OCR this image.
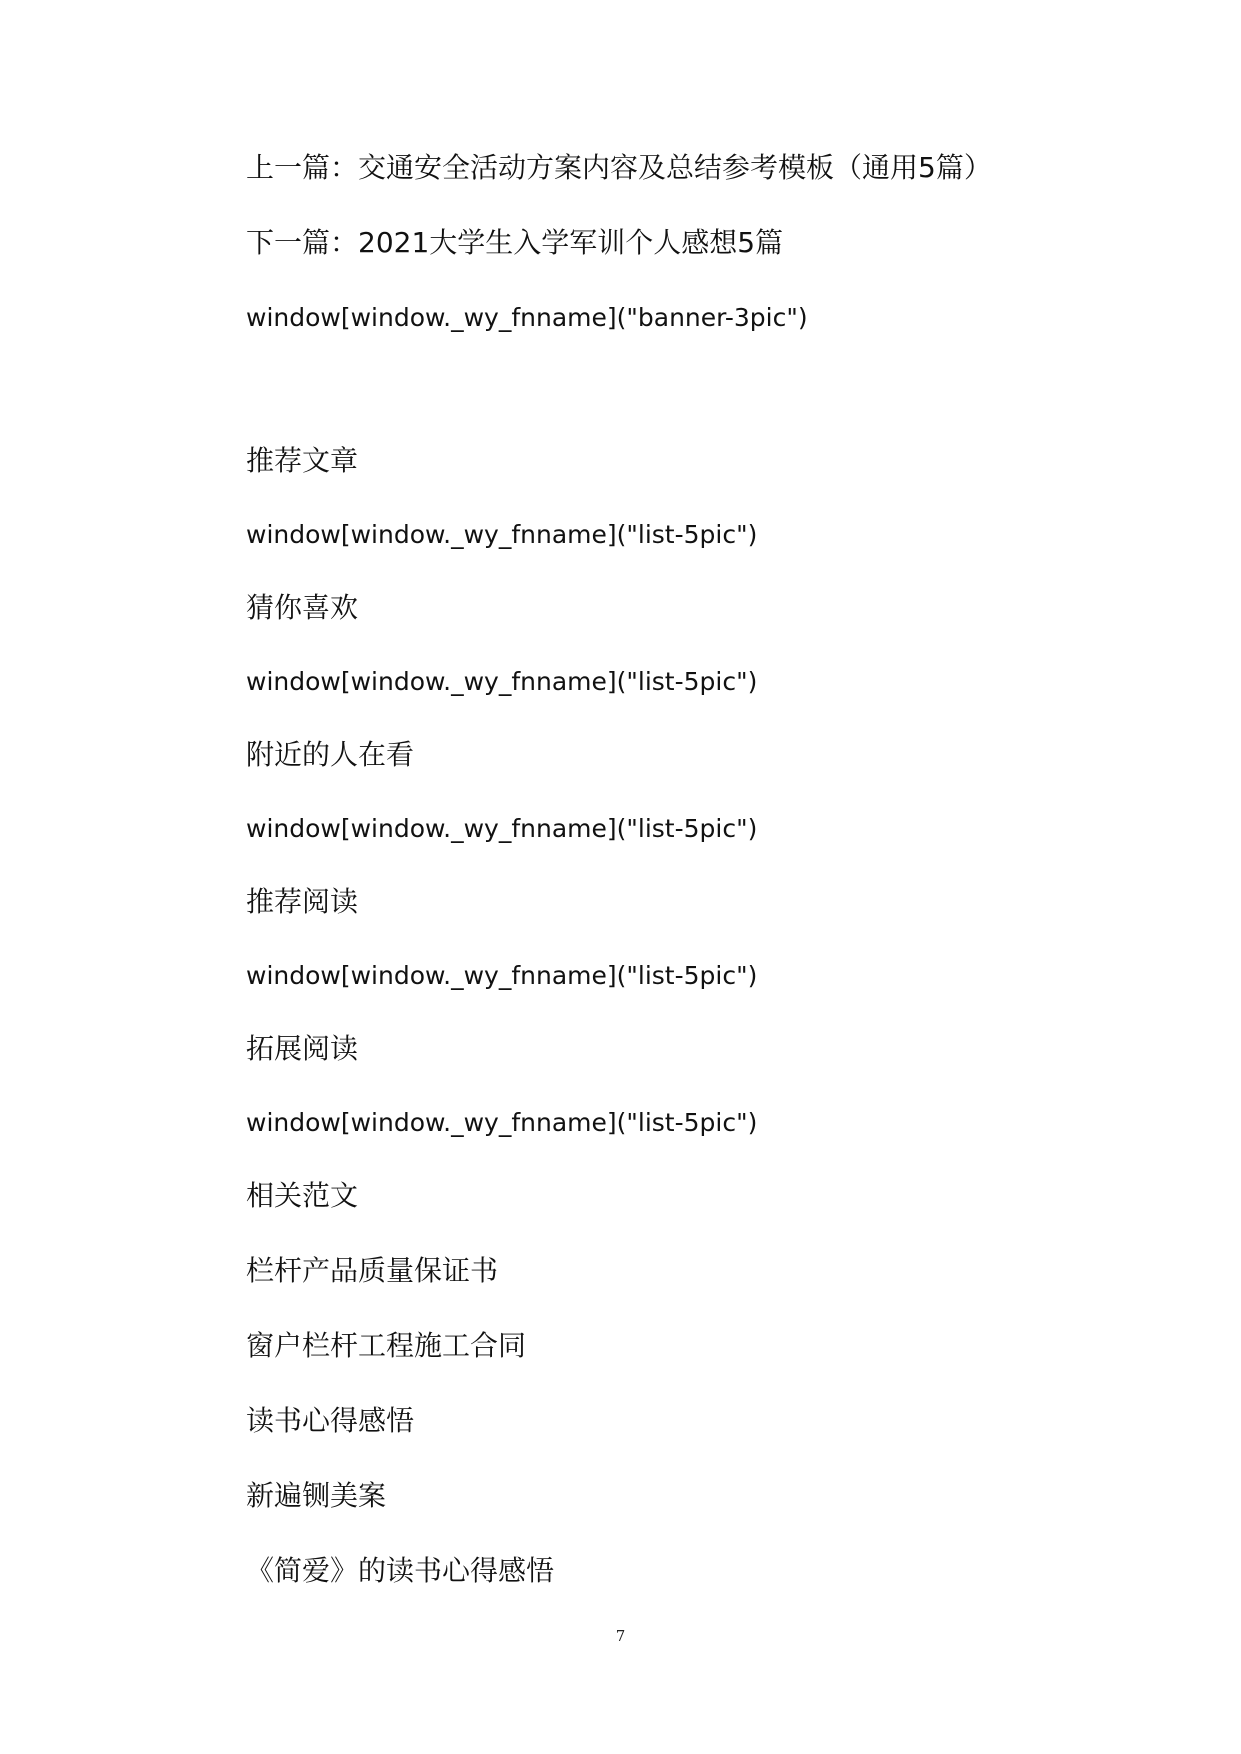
上一篇：交通安全活动方案内容及总结参考模板（通用5篇）
下一篇：2021大学生入学军训个人感想5篇
window[window._wy_fnname]("banner-3pic")
推荐文章
window[window._wy_fnname]("list-5pic")
猜你喜欢
window[window._wy_fnname]("list-5pic")
附近的人在看
window[window._wy_fnname]("list-5pic")
推荐阅读
window[window._wy_fnname]("list-5pic")
拓展阅读
window[window._wy_fnname]("list-5pic")
相关范文
栏杆产品质量保证书
窗户栏杆工程施工合同
读书心得感悟
新遍铡美案
《简爱》的读书心得感悟
7
